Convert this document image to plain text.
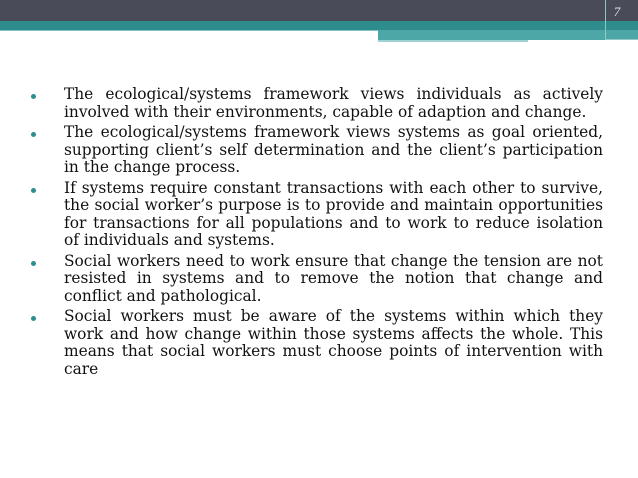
7
The ecological/systems framework views individuals as actively involved with their environments, capable of adaption and change.
The ecological/systems framework views systems as goal oriented, supporting client’s self determination and the client’s participation in the change process.
If systems require constant transactions with each other to survive, the social worker’s purpose is to provide and maintain opportunities for transactions for all populations and to work to reduce isolation of individuals and systems.
Social workers need to work ensure that change the tension are not resisted in systems and to remove the notion that change and conflict and pathological.
Social workers must be aware of the systems within which they work and how change within those systems affects the whole. This means that social workers must choose points of intervention with care
